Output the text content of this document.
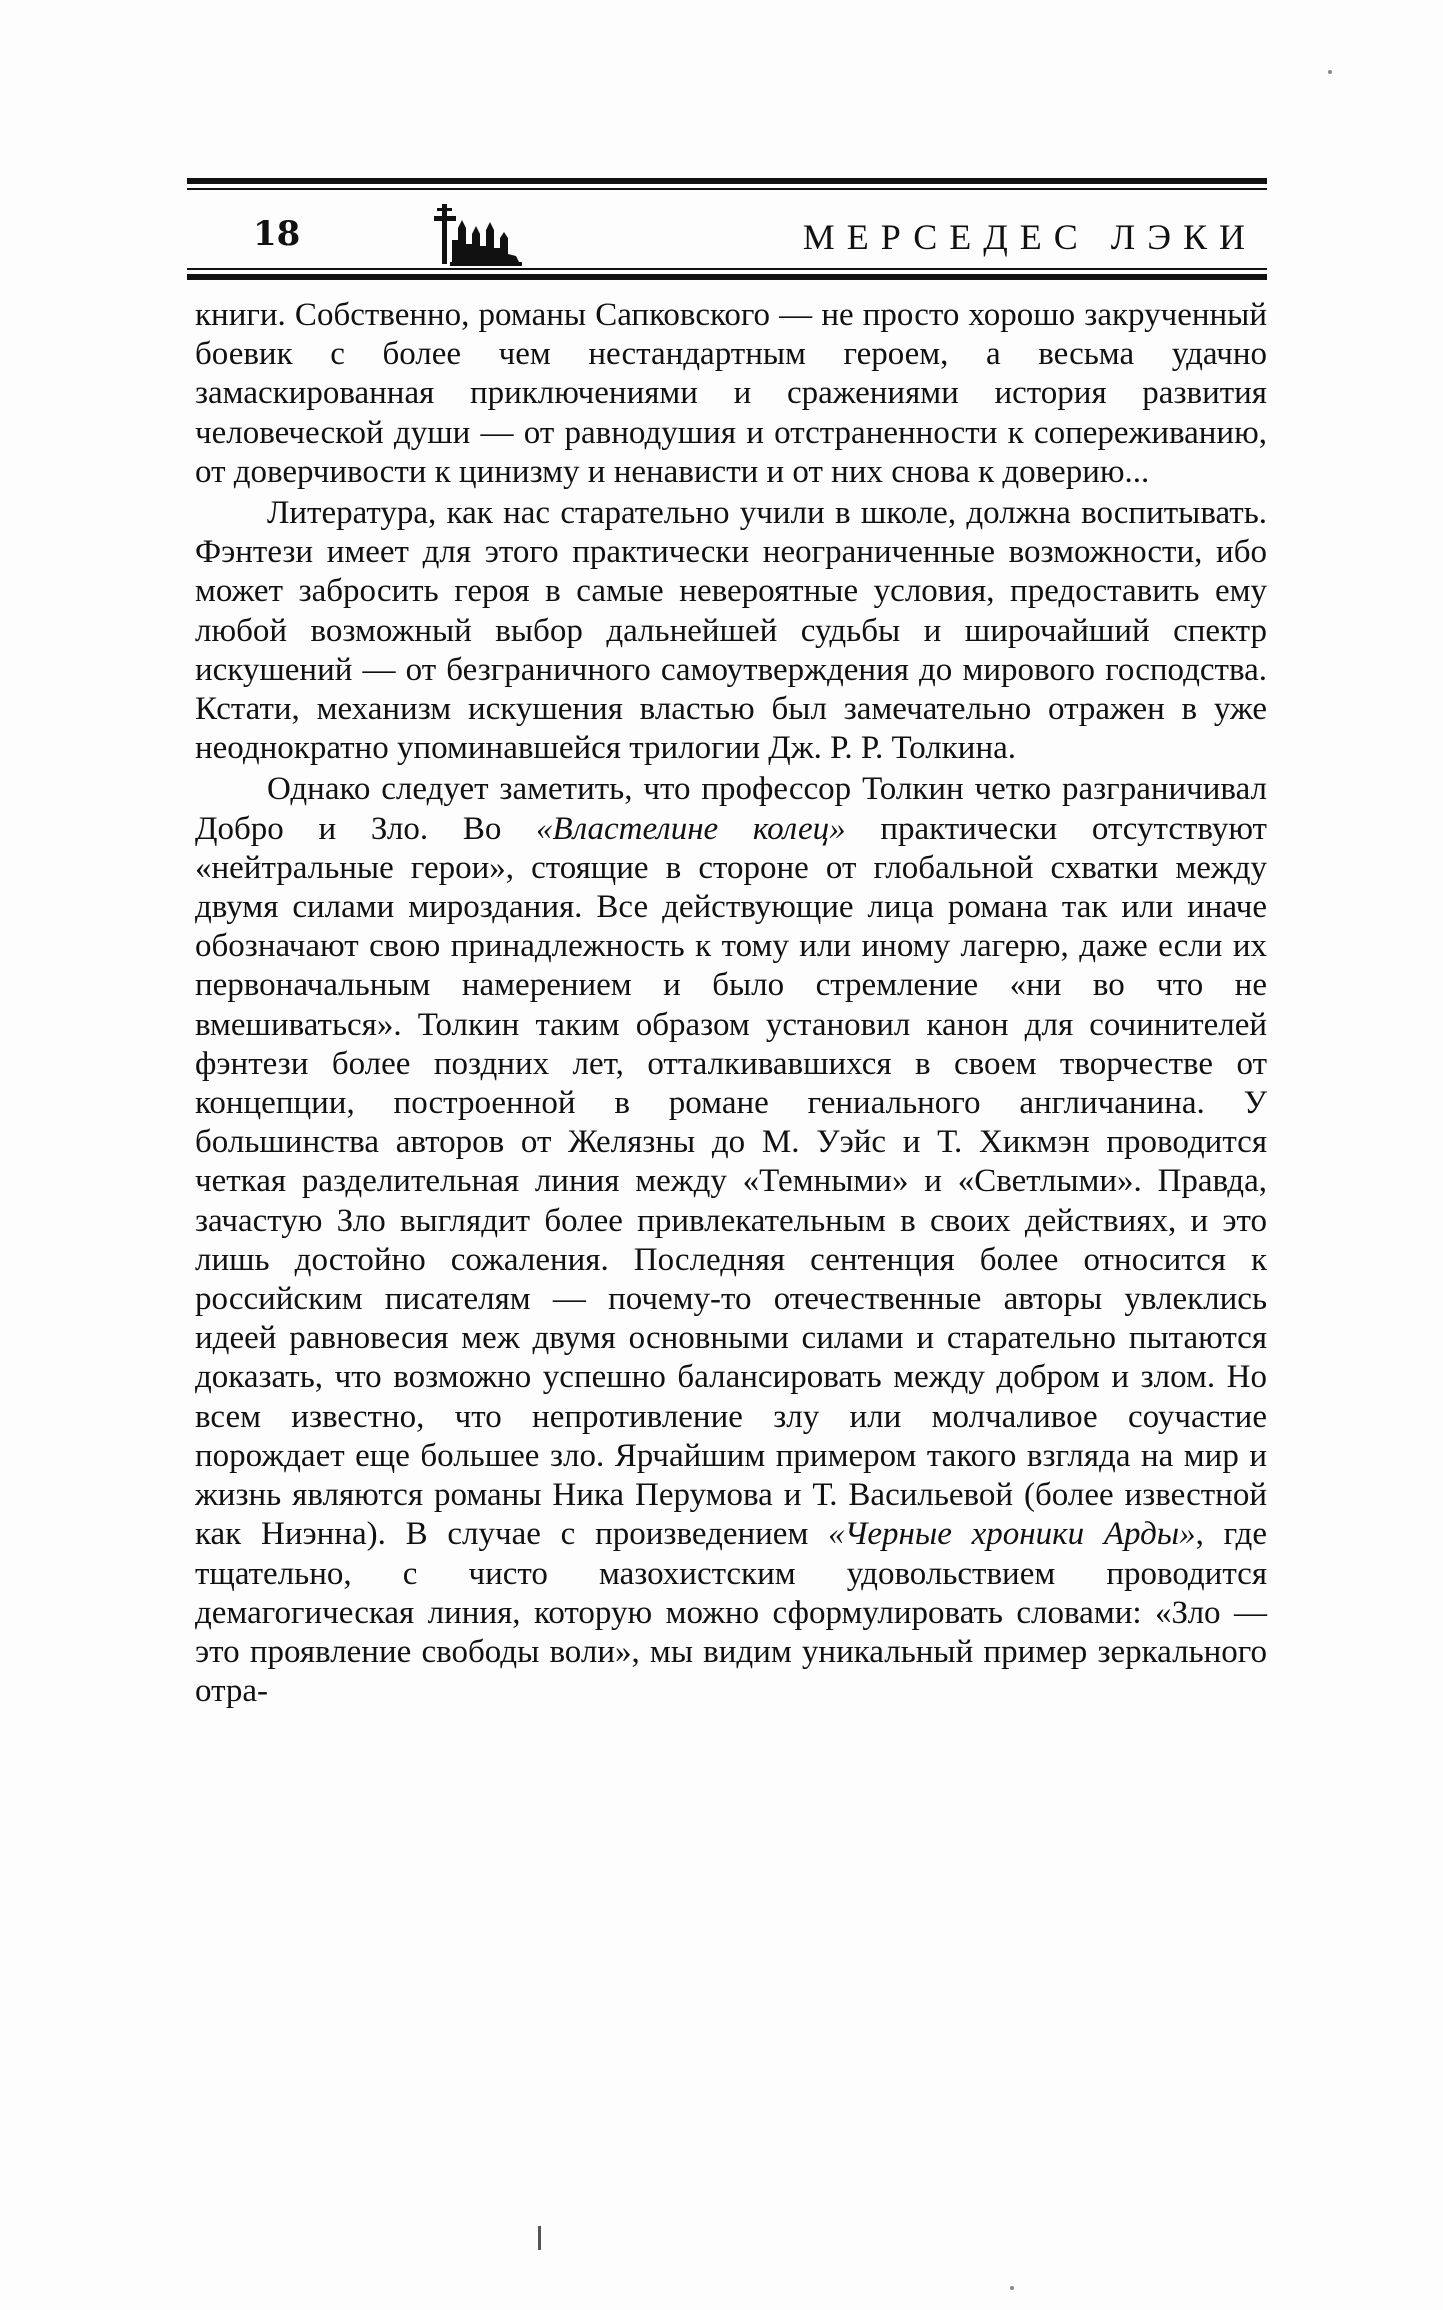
18	МЕРСЕДЕС ЛЭКИ

книги. Собственно, романы Сапковского — не просто хорошо закрученный боевик с более чем нестандартным героем, а весьма удачно замаскированная приключениями и сражениями история развития человеческой души — от равнодушия и отстраненности к сопереживанию, от доверчивости к цинизму и ненависти и от них снова к доверию...

Литература, как нас старательно учили в школе, должна воспитывать. Фэнтези имеет для этого практически неограниченные возможности, ибо может забросить героя в самые невероятные условия, предоставить ему любой возможный выбор дальнейшей судьбы и широчайший спектр искушений — от безграничного самоутверждения до мирового господства. Кстати, механизм искушения властью был замечательно отражен в уже неоднократно упоминавшейся трилогии Дж. Р. Р. Толкина.

Однако следует заметить, что профессор Толкин четко разграничивал Добро и Зло. Во «Властелине колец» практически отсутствуют «нейтральные герои», стоящие в стороне от глобальной схватки между двумя силами мироздания. Все действующие лица романа так или иначе обозначают свою принадлежность к тому или иному лагерю, даже если их первоначальным намерением и было стремление «ни во что не вмешиваться». Толкин таким образом установил канон для сочинителей фэнтези более поздних лет, отталкивавшихся в своем творчестве от концепции, построенной в романе гениального англичанина. У большинства авторов от Желязны до М. Уэйс и Т. Хикмэн проводится четкая разделительная линия между «Темными» и «Светлыми». Правда, зачастую Зло выглядит более привлекательным в своих действиях, и это лишь достойно сожаления. Последняя сентенция более относится к российским писателям — почему-то отечественные авторы увлеклись идеей равновесия меж двумя основными силами и старательно пытаются доказать, что возможно успешно балансировать между добром и злом. Но всем известно, что непротивление злу или молчаливое соучастие порождает еще большее зло. Ярчайшим примером такого взгляда на мир и жизнь являются романы Ника Перумова и Т. Васильевой (более известной как Ниэнна). В случае с произведением «Черные хроники Арды», где тщательно, с чисто мазохистским удовольствием проводится демагогическая линия, которую можно сформулировать словами: «Зло — это проявление свободы воли», мы видим уникальный пример зеркального отра-
